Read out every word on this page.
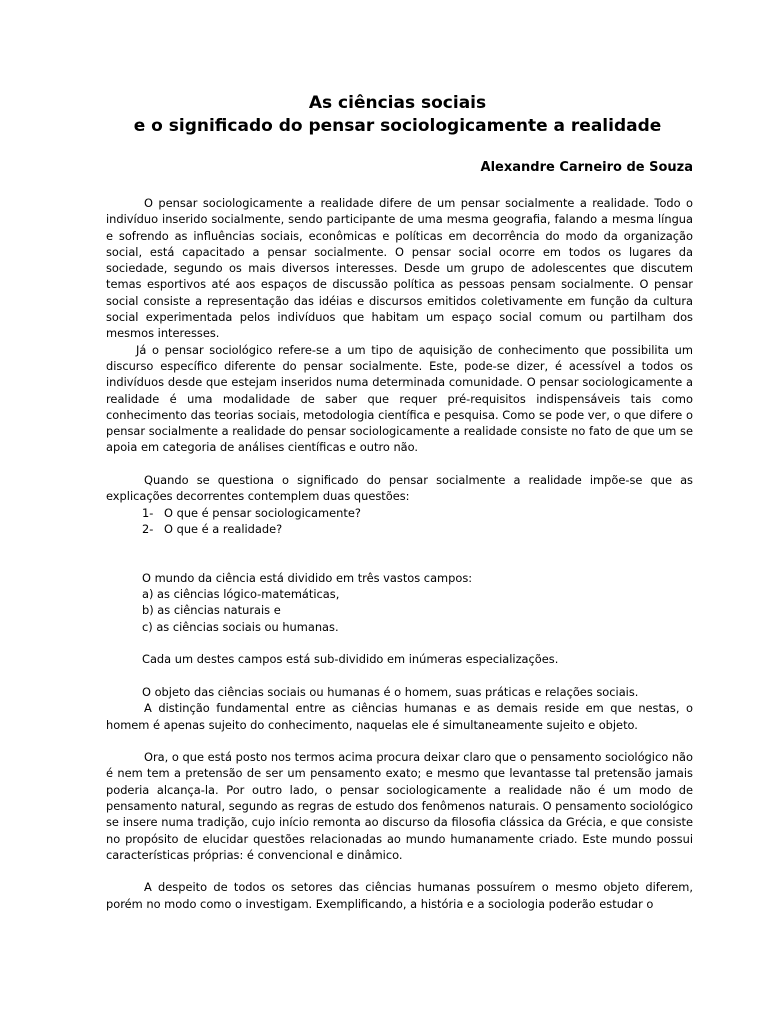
As ciências sociais
e o significado do pensar sociologicamente a realidade
Alexandre Carneiro de Souza

O pensar sociologicamente a realidade difere de um pensar socialmente a realidade. Todo o indivíduo inserido socialmente, sendo participante de uma mesma geografia, falando a mesma língua e sofrendo as influências sociais, econômicas e políticas em decorrência do modo da organização social, está capacitado a pensar socialmente. O pensar social ocorre em todos os lugares da sociedade, segundo os mais diversos interesses. Desde um grupo de adolescentes que discutem temas esportivos até aos espaços de discussão política as pessoas pensam socialmente. O pensar social consiste a representação das idéias e discursos emitidos coletivamente em função da cultura social experimentada pelos indivíduos que habitam um espaço social comum ou partilham dos mesmos interesses.

Já o pensar sociológico refere-se a um tipo de aquisição de conhecimento que possibilita um discurso específico diferente do pensar socialmente. Este, pode-se dizer, é acessível a todos os indivíduos desde que estejam inseridos numa determinada comunidade. O pensar sociologicamente a realidade é uma modalidade de saber que requer pré-requisitos indispensáveis tais como conhecimento das teorias sociais, metodologia científica e pesquisa. Como se pode ver, o que difere o pensar socialmente a realidade do pensar sociologicamente a realidade consiste no fato de que um se apoia em categoria de análises científicas e outro não.

Quando se questiona o significado do pensar socialmente a realidade impõe-se que as explicações decorrentes contemplem duas questões:

1- O que é pensar sociologicamente?
2- O que é a realidade?

O mundo da ciência está dividido em três vastos campos:

a) as ciências lógico-matemáticas,

b) as ciências naturais e

c) as ciências sociais ou humanas.

Cada um destes campos está sub-dividido em inúmeras especializações.

O objeto das ciências sociais ou humanas é o homem, suas práticas e relações sociais.

A distinção fundamental entre as ciências humanas e as demais reside em que nestas, o homem é apenas sujeito do conhecimento, naquelas ele é simultaneamente sujeito e objeto.

Ora, o que está posto nos termos acima procura deixar claro que o pensamento sociológico não é nem tem a pretensão de ser um pensamento exato; e mesmo que levantasse tal pretensão jamais poderia alcança-la. Por outro lado, o pensar sociologicamente a realidade não é um modo de pensamento natural, segundo as regras de estudo dos fenômenos naturais. O pensamento sociológico se insere numa tradição, cujo início remonta ao discurso da filosofia clássica da Grécia, e que consiste no propósito de elucidar questões relacionadas ao mundo humanamente criado. Este mundo possui características próprias: é convencional e dinâmico.

A despeito de todos os setores das ciências humanas possuírem o mesmo objeto diferem, porém no modo como o investigam. Exemplificando, a história e a sociologia poderão estudar o
